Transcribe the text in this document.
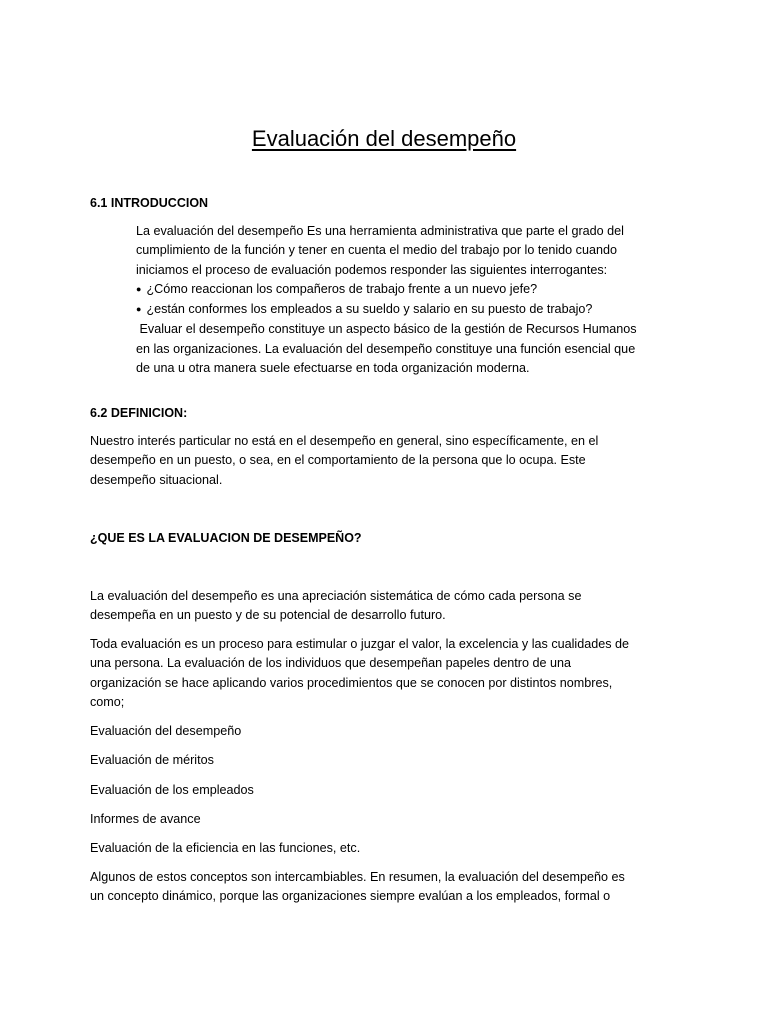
Evaluación del desempeño
6.1 INTRODUCCION
La evaluación del desempeño Es una herramienta administrativa que parte el grado del
cumplimiento de la función y tener en cuenta el medio del trabajo por lo tenido cuando
iniciamos el proceso de evaluación podemos responder las siguientes interrogantes:
● ¿Cómo reaccionan los compañeros de trabajo frente a un nuevo jefe?
● ¿están conformes los empleados a su sueldo y salario en su puesto de trabajo?
Evaluar el desempeño constituye un aspecto básico de la gestión de Recursos Humanos
en las organizaciones. La evaluación del desempeño constituye una función esencial que
de una u otra manera suele efectuarse en toda organización moderna.
6.2 DEFINICION:
Nuestro interés particular no está en el desempeño en general, sino específicamente, en el
desempeño en un puesto, o sea, en el comportamiento de la persona que lo ocupa. Este
desempeño situacional.
¿QUE ES LA EVALUACION DE DESEMPEÑO?
La evaluación del desempeño es una apreciación sistemática de cómo cada persona se
desempeña en un puesto y de su potencial de desarrollo futuro.
Toda evaluación es un proceso para estimular o juzgar el valor, la excelencia y las cualidades de
una persona. La evaluación de los individuos que desempeñan papeles dentro de una
organización se hace aplicando varios procedimientos que se conocen por distintos nombres,
como;

Evaluación del desempeño

Evaluación de méritos

Evaluación de los empleados

Informes de avance

Evaluación de la eficiencia en las funciones, etc.

Algunos de estos conceptos son intercambiables. En resumen, la evaluación del desempeño es
un concepto dinámico, porque las organizaciones siempre evalúan a los empleados, formal o
